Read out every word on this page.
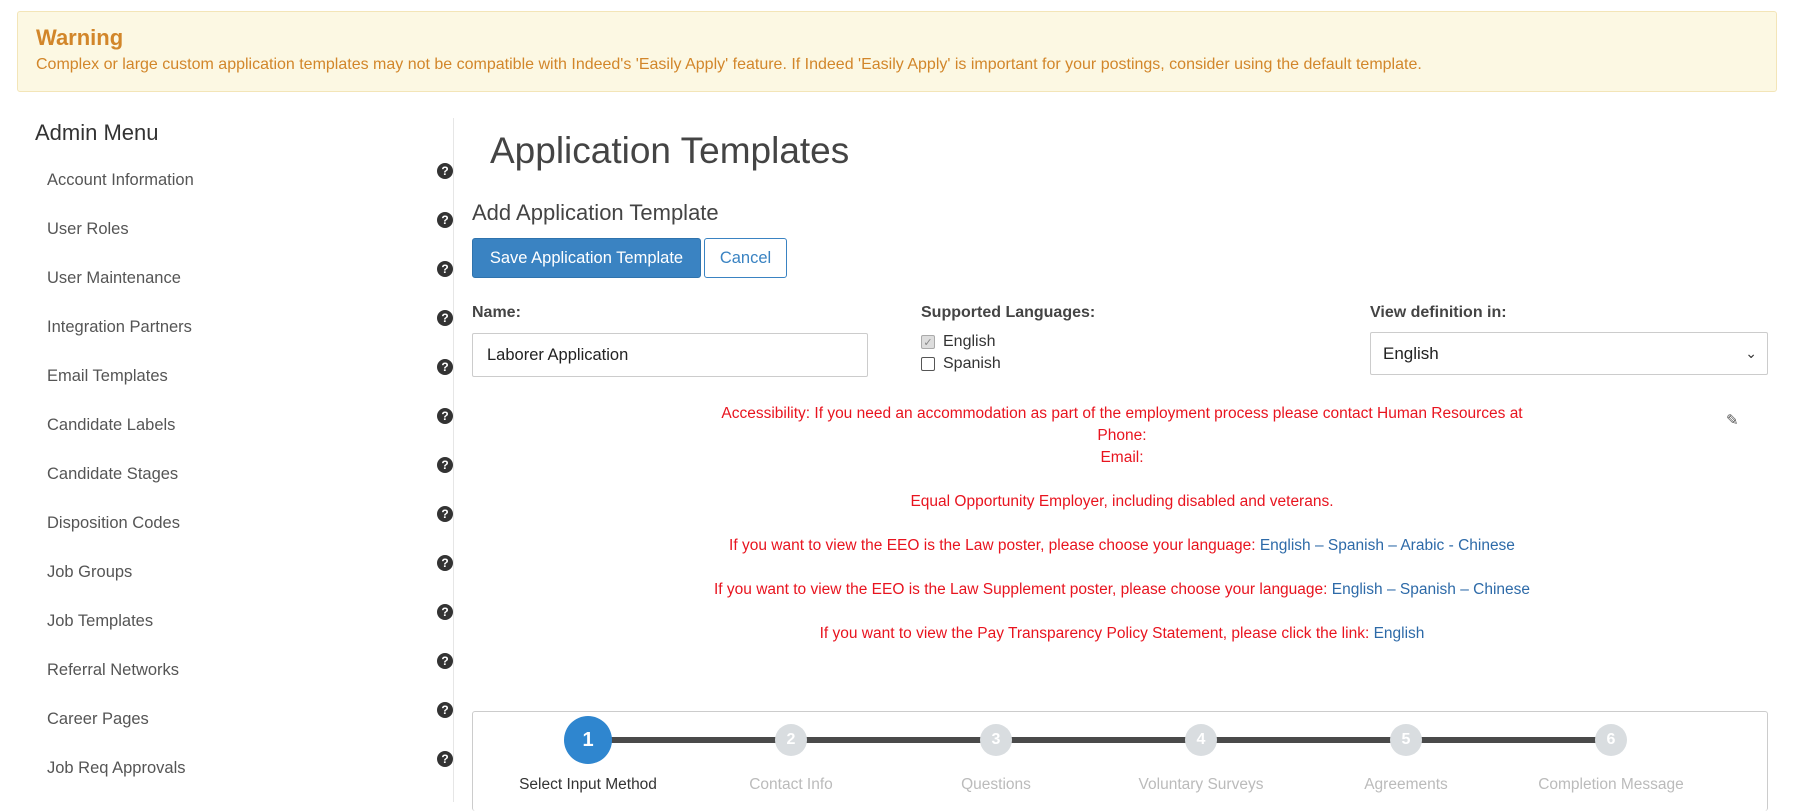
Warning
Complex or large custom application templates may not be compatible with Indeed's 'Easily Apply' feature. If Indeed 'Easily Apply' is important for your postings, consider using the default template.
Admin Menu
Account Information	?
User Roles	?
User Maintenance	?
Integration Partners	?
Email Templates	?
Candidate Labels	?
Candidate Stages	?
Disposition Codes	?
Job Groups	?
Job Templates	?
Referral Networks	?
Career Pages	?
Job Req Approvals	?
Application Templates
Add Application Template
Save Application Template	Cancel
Name:
Laborer Application	Supported Languages:
✓ English
Spanish
View definition in:
English	⌄
Accessibility: If you need an accommodation as part of the employment process please contact Human Resources at
Phone:
Email:
Equal Opportunity Employer, including disabled and veterans.
If you want to view the EEO is the Law poster, please choose your language: English – Spanish – Arabic - Chinese
If you want to view the EEO is the Law Supplement poster, please choose your language: English – Spanish – Chinese
If you want to view the Pay Transparency Policy Statement, please click the link: English
✎
1	2	3	4	5	6
Select Input Method	Contact Info	Questions	Voluntary Surveys	Agreements	Completion Message
